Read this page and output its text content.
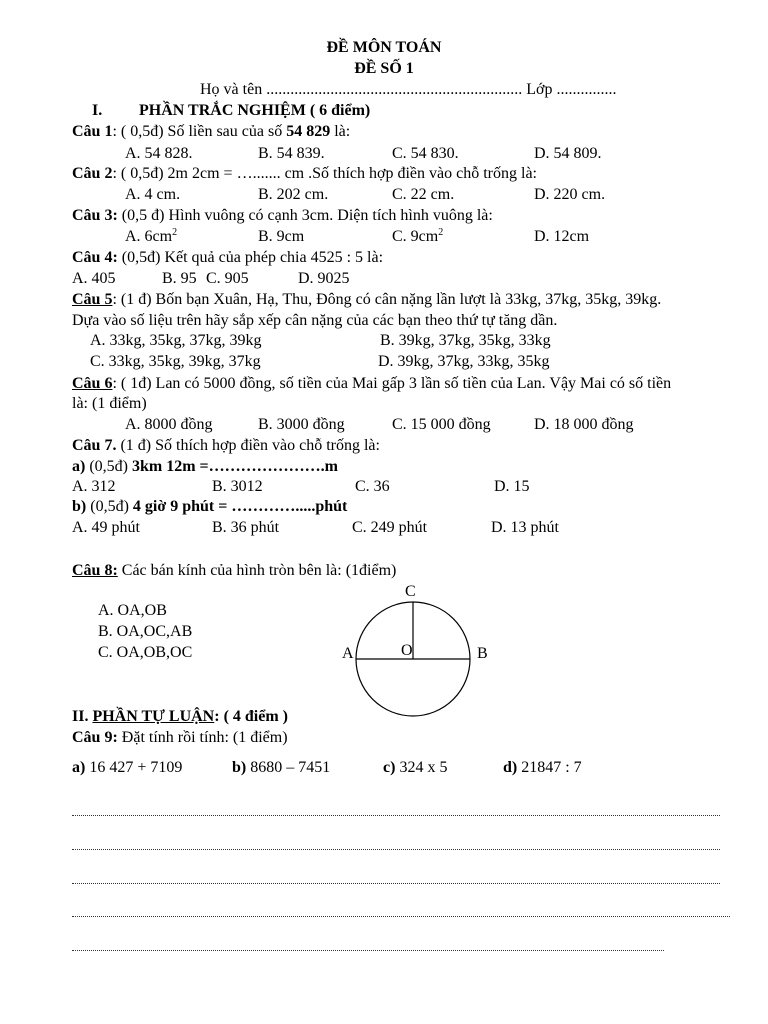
ĐỀ MÔN TOÁN
ĐỀ SỐ 1
Họ và tên ................................................................ Lớp ...............
I. PHẦN TRẮC NGHIỆM ( 6 điểm)
Câu 1: ( 0,5đ) Số liền sau của số 54 829 là:
A. 54 828.	B. 54 839.	C. 54 830.	D. 54 809.
Câu 2: ( 0,5đ) 2m 2cm = …....... cm .Số thích hợp điền vào chỗ trống là:
A. 4 cm.	B. 202 cm.	C. 22 cm.	D. 220 cm.
Câu 3: (0,5 đ) Hình vuông có cạnh 3cm. Diện tích hình vuông là:
A. $6cm^2$	B. 9cm	C. $9cm^2$	D. 12cm
Câu 4: (0,5đ) Kết quả của phép chia 4525 : 5 là:
A. 405	B. 95 C. 905	D. 9025
Câu 5: (1 đ) Bốn bạn Xuân, Hạ, Thu, Đông có cân nặng lần lượt là 33kg, 37kg, 35kg, 39kg.
Dựa vào số liệu trên hãy sắp xếp cân nặng của các bạn theo thứ tự tăng dần.
A. 33kg, 35kg, 37kg, 39kg	B. 39kg, 37kg, 35kg, 33kg
C. 33kg, 35kg, 39kg, 37kg	D. 39kg, 37kg, 33kg, 35kg
Câu 6: ( 1đ) Lan có 5000 đồng, số tiền của Mai gấp 3 lần số tiền của Lan. Vậy Mai có số tiền
là: (1 điểm)
A. 8000 đồng	B. 3000 đồng	C. 15 000 đồng	D. 18 000 đồng
Câu 7. (1 đ) Số thích hợp điền vào chỗ trống là:
a) (0,5đ) 3km 12m =………………….m
A. 312	B. 3012	C. 36	D. 15
b) (0,5đ) 4 giờ 9 phút = ………….....phút
A. 49 phút	B. 36 phút	C. 249 phút	D. 13 phút
Câu 8: Các bán kính của hình tròn bên là: (1điểm)
A. OA,OB
B. OA,OC,AB
C. OA,OB,OC
C
A	O	B
II. PHẦN TỰ LUẬN: ( 4 điểm )
Câu 9: Đặt tính rồi tính: (1 điểm)
a) 16 427 + 7109	b) 8680 – 7451	c) 324 x 5	d) 21847 : 7
